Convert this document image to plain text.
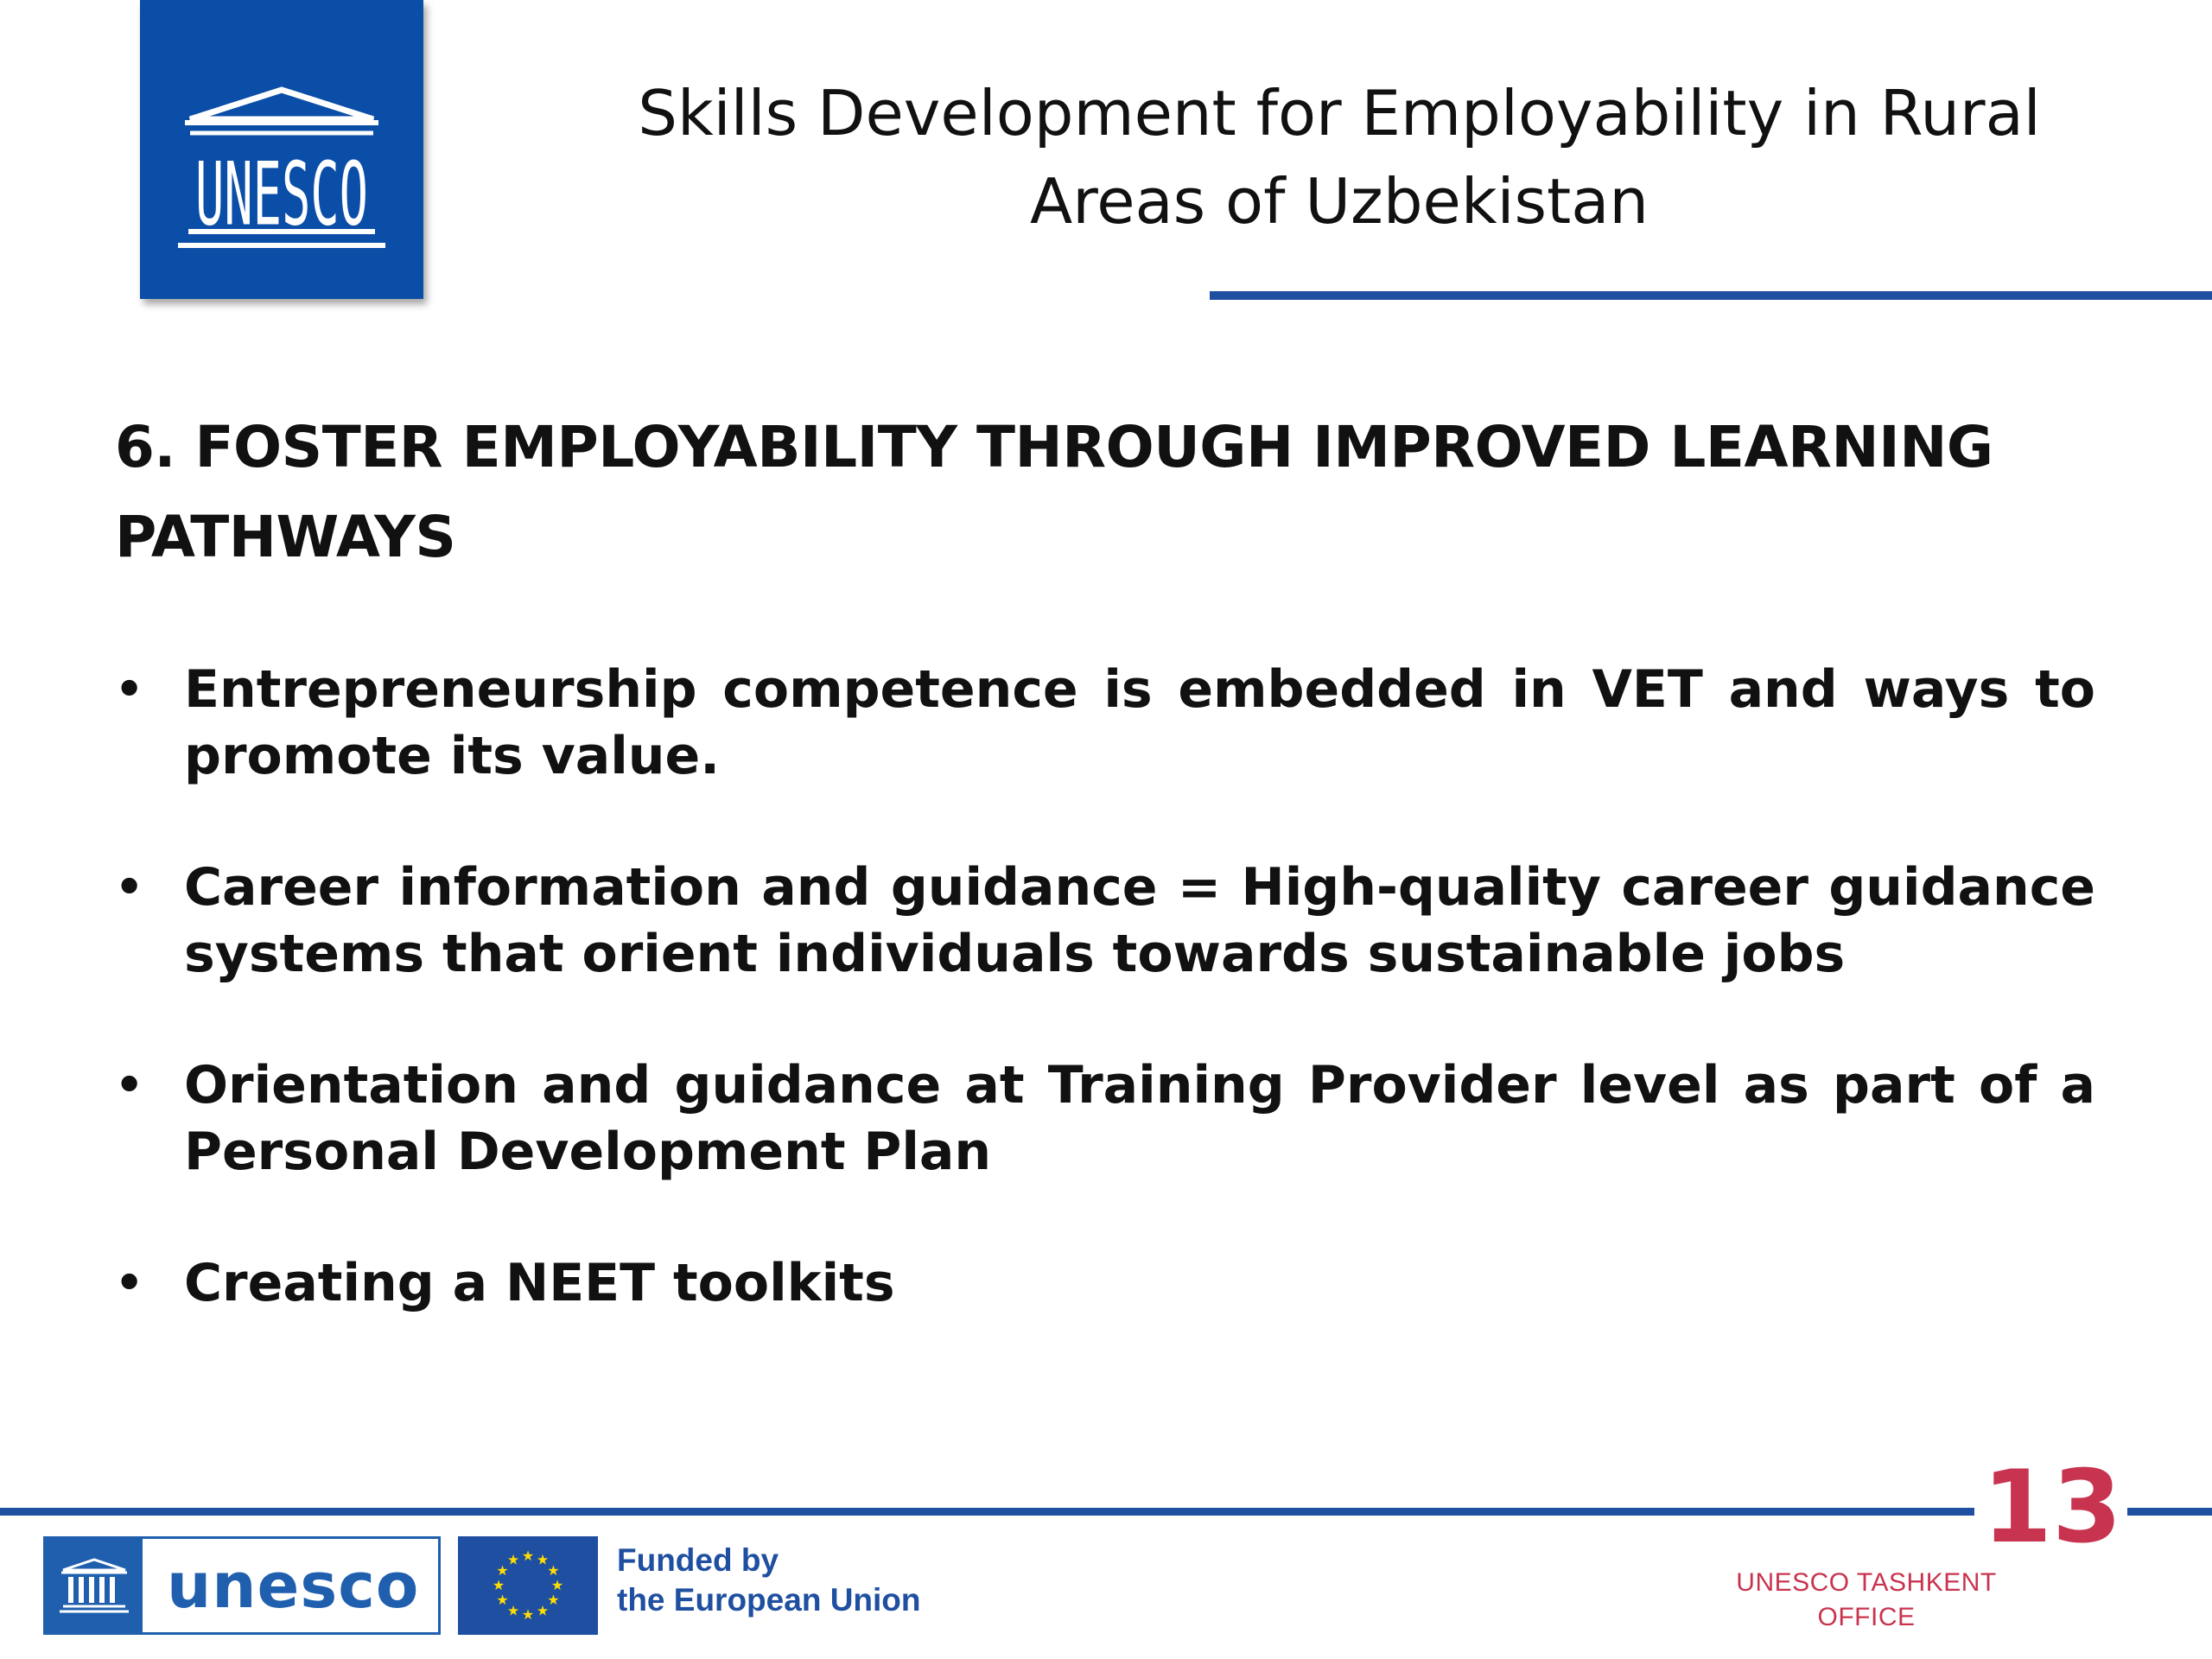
UNESCO
Skills Development for Employability in Rural Areas of Uzbekistan
6. FOSTER EMPLOYABILITY THROUGH IMPROVED LEARNING PATHWAYS
• Entrepreneurship competence is embedded in VET and ways to promote its value.
• Career information and guidance = High-quality career guidance systems that orient individuals towards sustainable jobs
• Orientation and guidance at Training Provider level as part of a Personal Development Plan
• Creating a NEET toolkits
13
UNESCO TASHKENT OFFICE
unesco	★ ★
★
★
★
★
★
★
★
★
★
★	Funded by
the European Union
